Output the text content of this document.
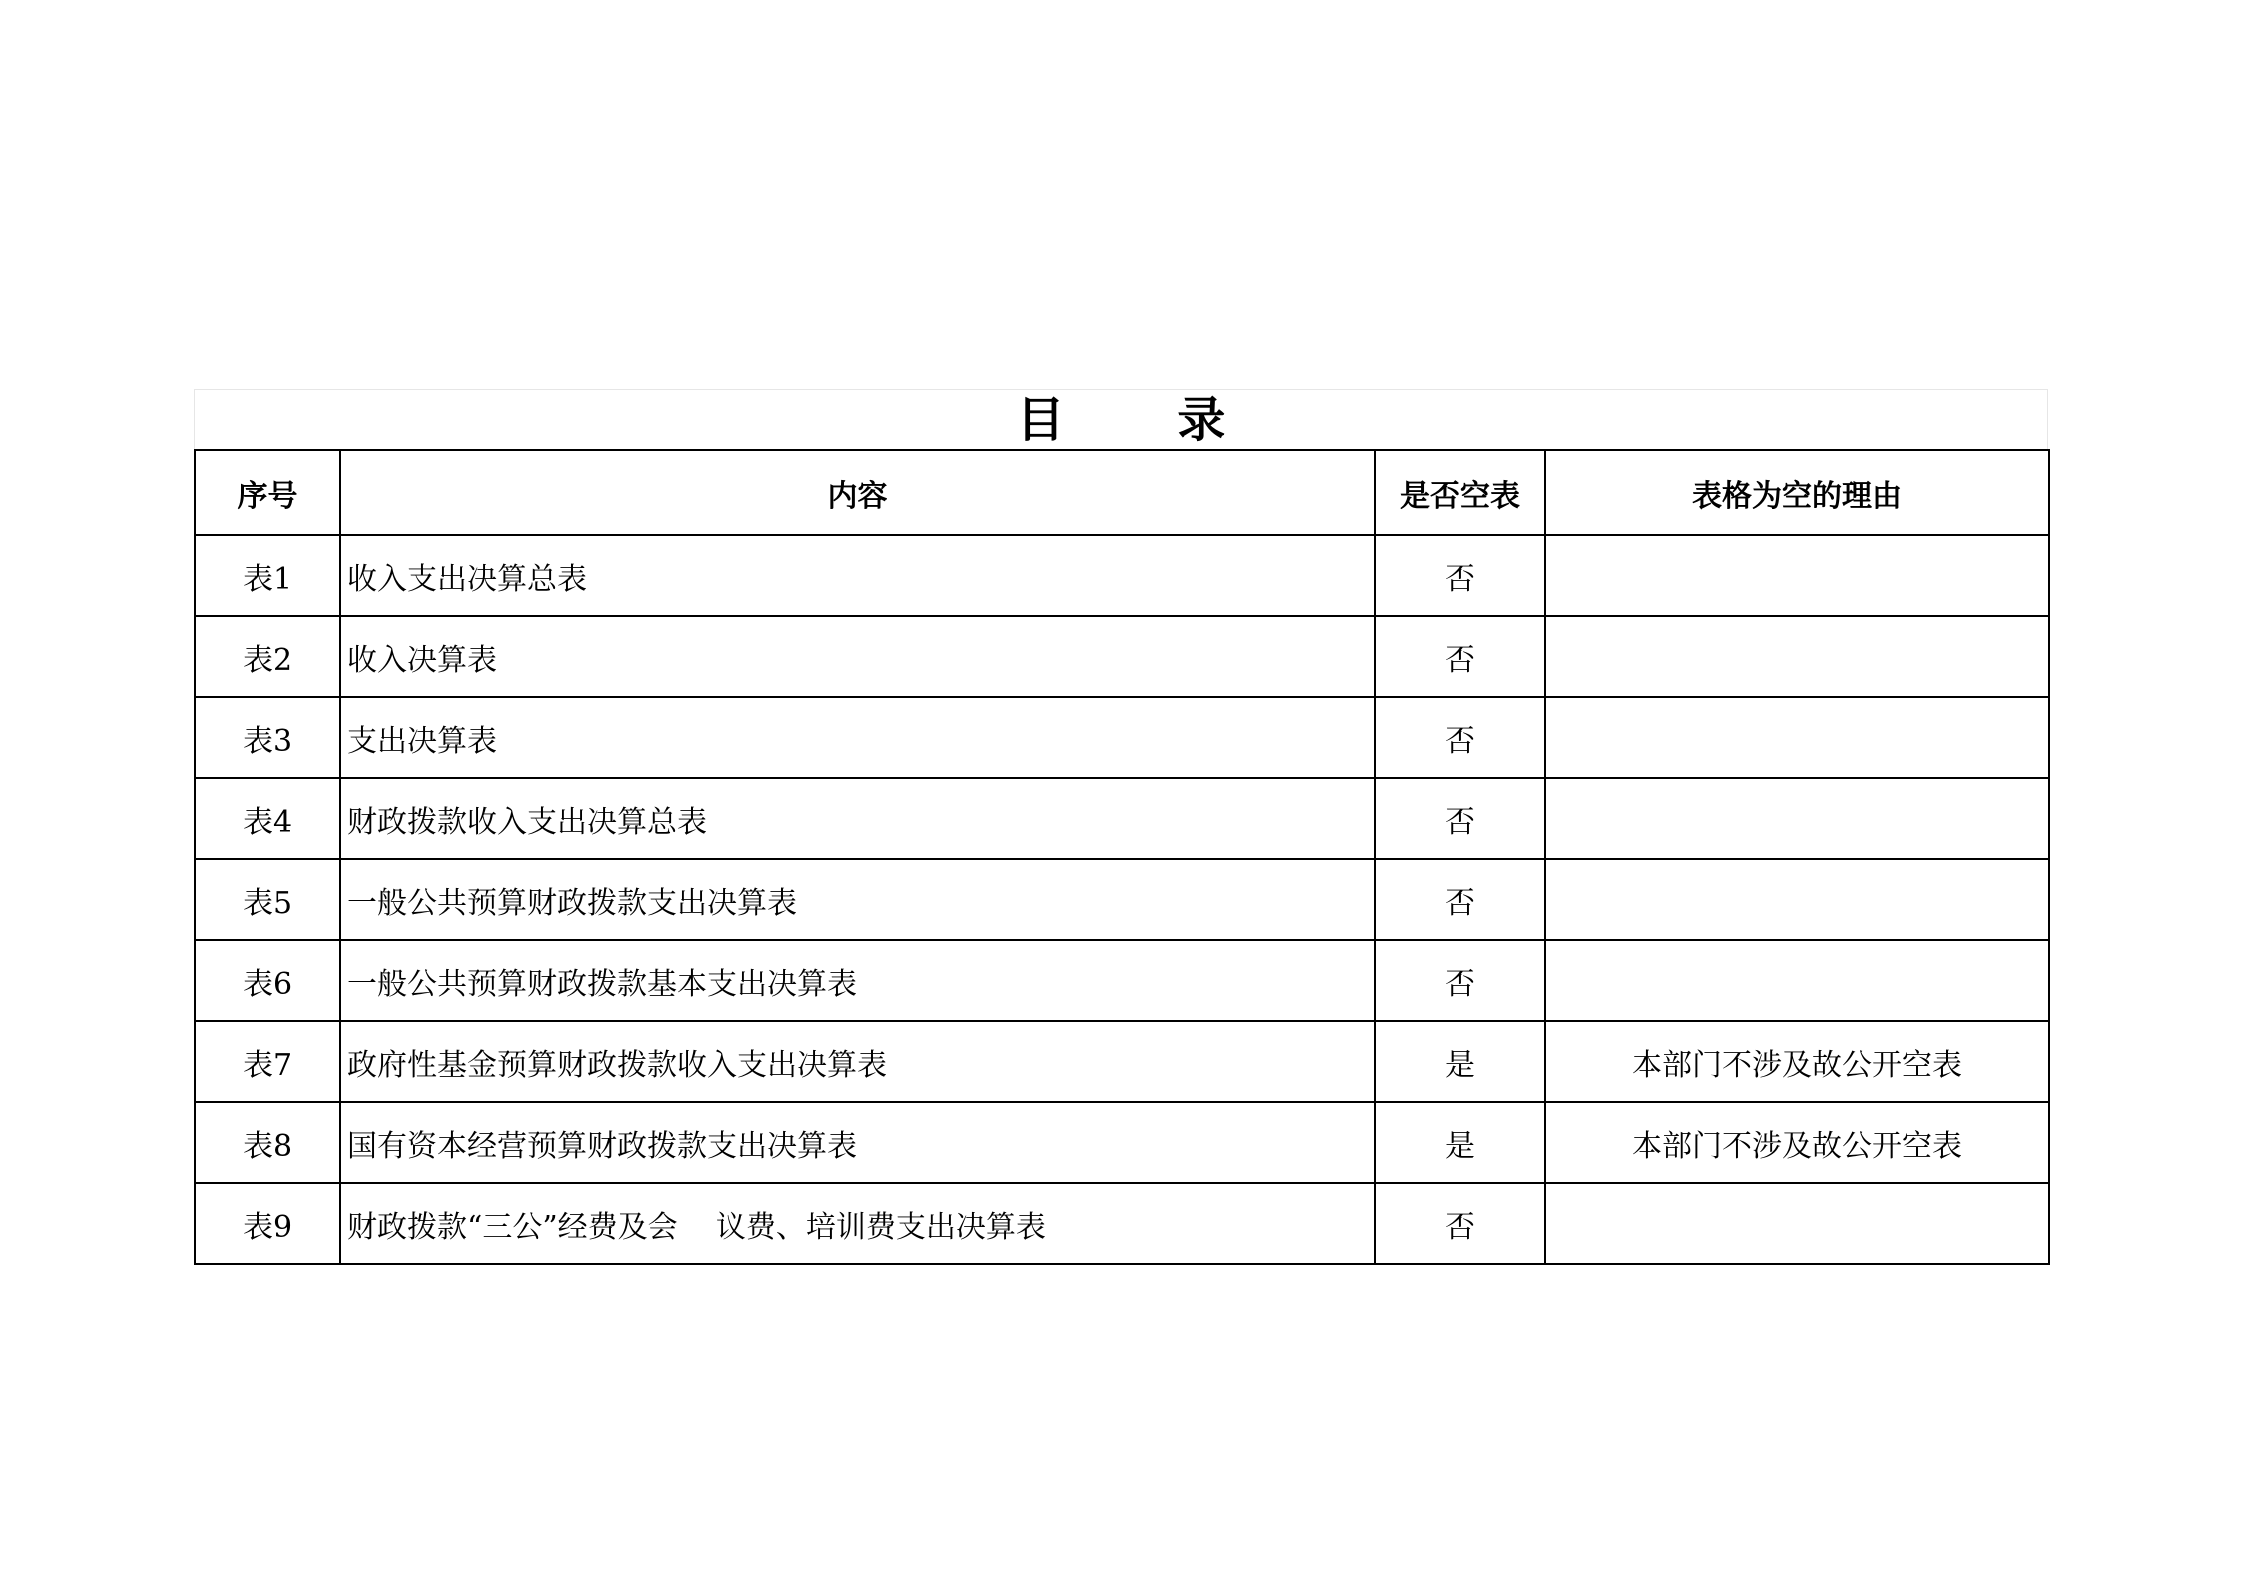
目 录
序号	内容	是否空表	表格为空的理由
表1	收入支出决算总表	否	
表2	收入决算表	否	
表3	支出决算表	否	
表4	财政拨款收入支出决算总表	否	
表5	一般公共预算财政拨款支出决算表	否	
表6	一般公共预算财政拨款基本支出决算表	否	
表7	政府性基金预算财政拨款收入支出决算表	是	本部门不涉及故公开空表
表8	国有资本经营预算财政拨款支出决算表	是	本部门不涉及故公开空表
表9	财政拨款“三公”经费及会    议费、培训费支出决算表	否	
